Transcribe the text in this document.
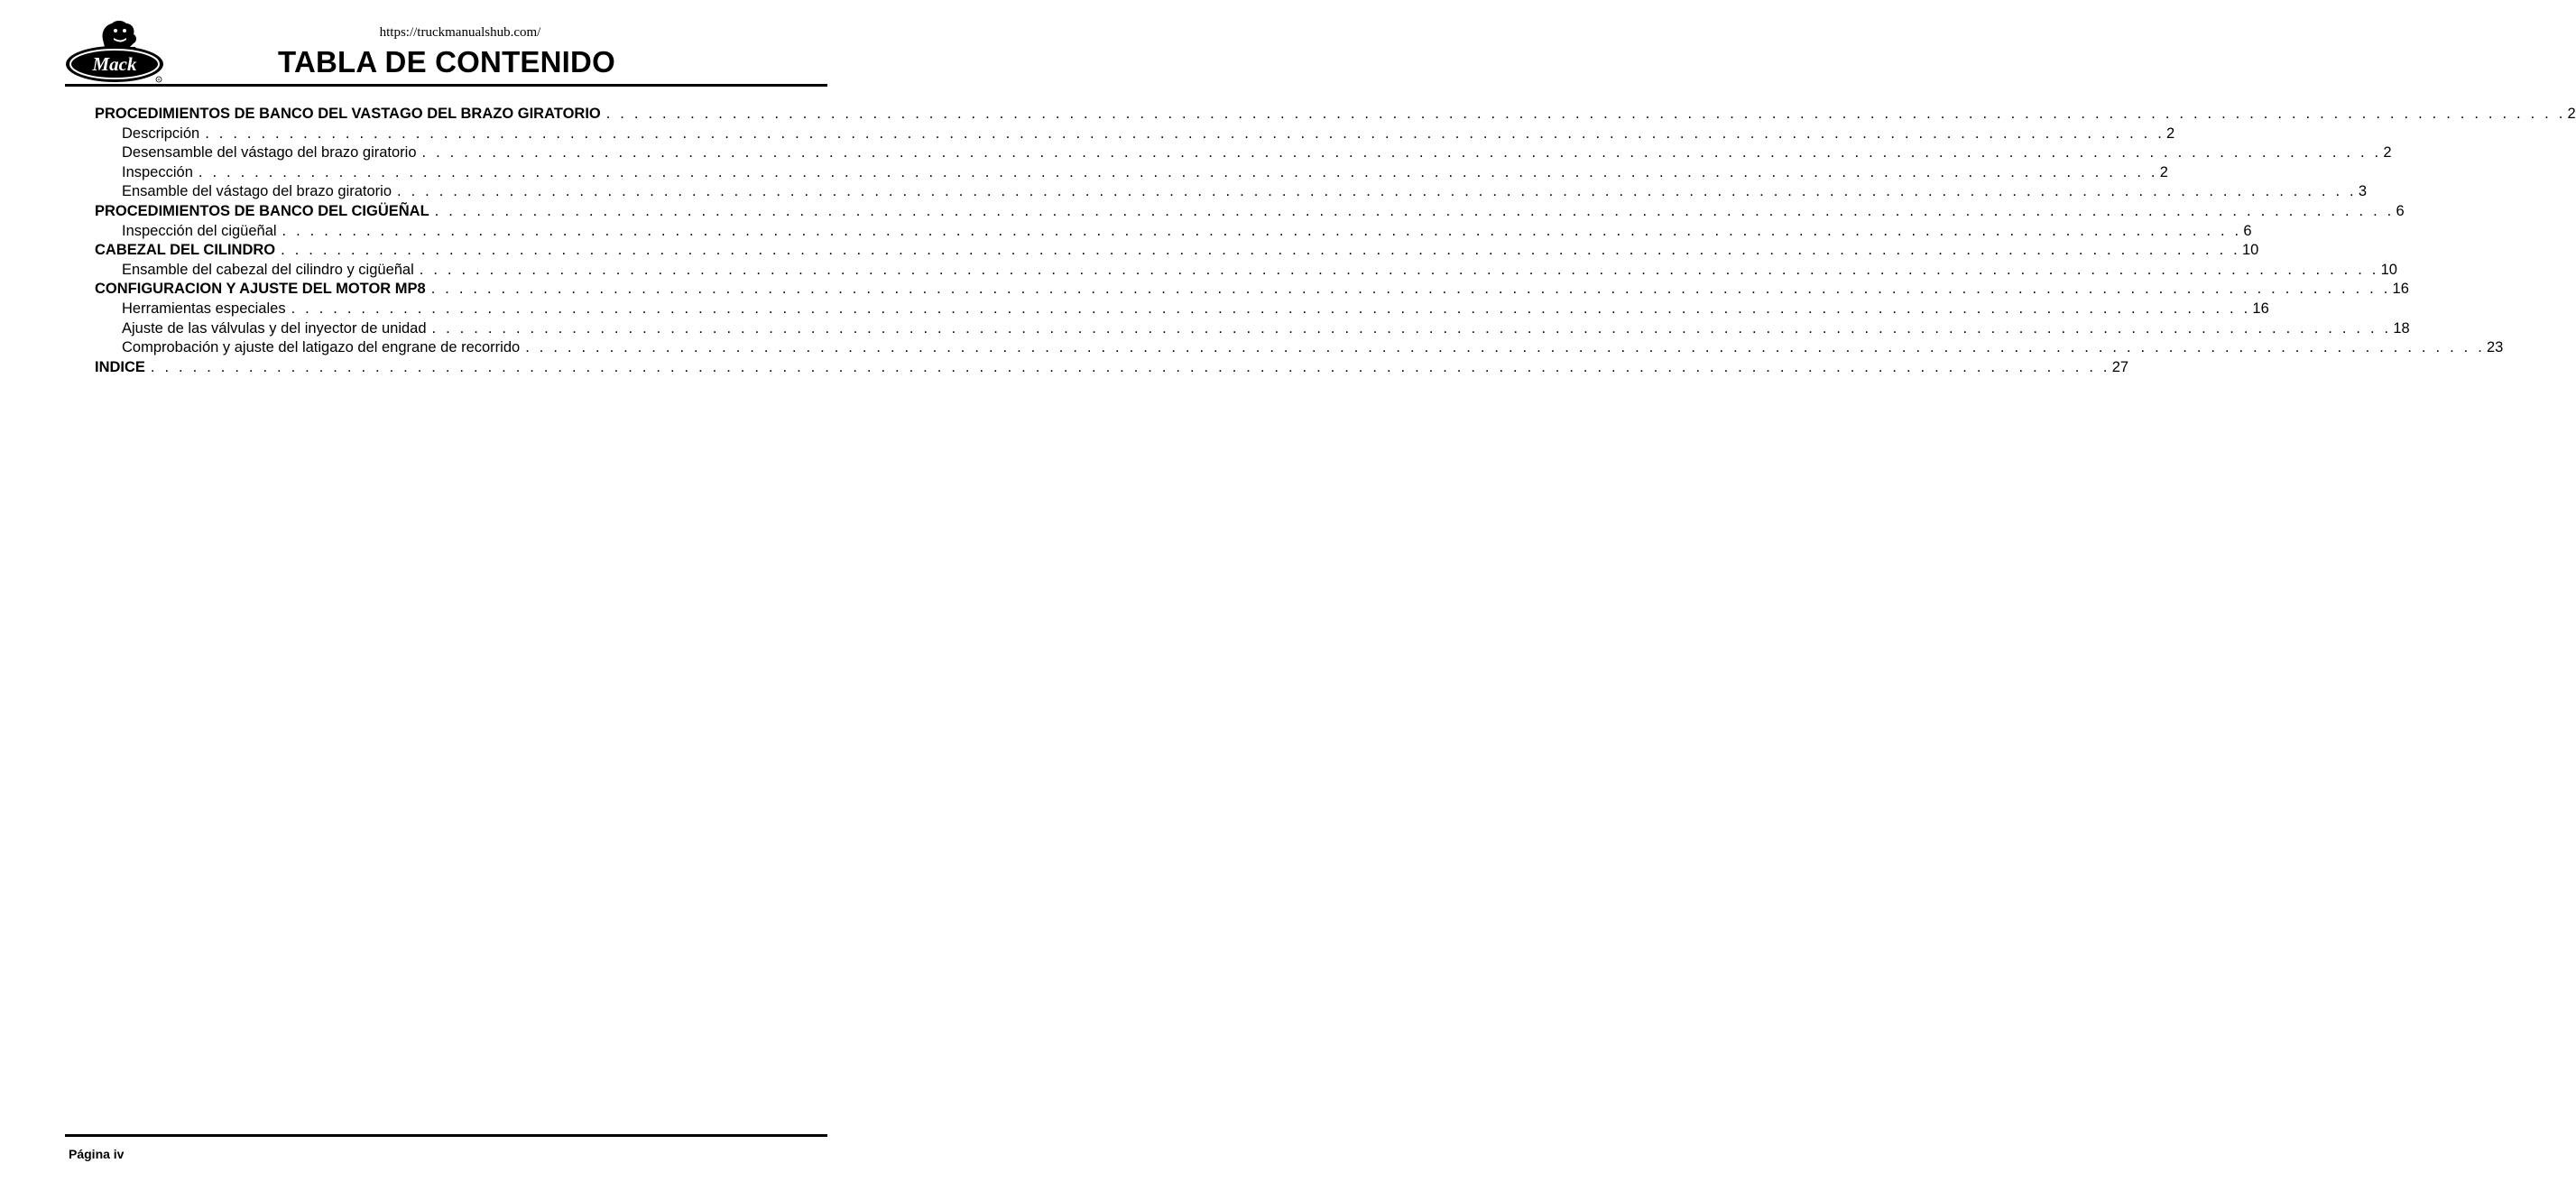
https://truckmanualshub.com/
Mack
R
TABLA DE CONTENIDO
PROCEDIMIENTOS DE BANCO DEL VASTAGO DEL BRAZO GIRATORIO . . . . . . . . . . . . . . . . . . . . . . . . . . . . . . . . . . . . . . . . . . . . . . . . . . . . . . . . . . . . . . . . . . . . . . . . . . . . . . . . . . . . . . . . . . . . . . . . . . . . . . . . . . . . . . . . . . . . . . . . . . . . . . . . . . . . . . . . . . . . 2
Descripción . . . . . . . . . . . . . . . . . . . . . . . . . . . . . . . . . . . . . . . . . . . . . . . . . . . . . . . . . . . . . . . . . . . . . . . . . . . . . . . . . . . . . . . . . . . . . . . . . . . . . . . . . . . . . . . . . . . . . . . . . . . . . . . . . . . . . . . . . . . . 2
Desensamble del vástago del brazo giratorio . . . . . . . . . . . . . . . . . . . . . . . . . . . . . . . . . . . . . . . . . . . . . . . . . . . . . . . . . . . . . . . . . . . . . . . . . . . . . . . . . . . . . . . . . . . . . . . . . . . . . . . . . . . . . . . . . . . . . . . . . . . . . . . . . . . . . . . . . . . . 2
Inspección . . . . . . . . . . . . . . . . . . . . . . . . . . . . . . . . . . . . . . . . . . . . . . . . . . . . . . . . . . . . . . . . . . . . . . . . . . . . . . . . . . . . . . . . . . . . . . . . . . . . . . . . . . . . . . . . . . . . . . . . . . . . . . . . . . . . . . . . . . . . 2
Ensamble del vástago del brazo giratorio . . . . . . . . . . . . . . . . . . . . . . . . . . . . . . . . . . . . . . . . . . . . . . . . . . . . . . . . . . . . . . . . . . . . . . . . . . . . . . . . . . . . . . . . . . . . . . . . . . . . . . . . . . . . . . . . . . . . . . . . . . . . . . . . . . . . . . . . . . . . 3
PROCEDIMIENTOS DE BANCO DEL CIGÜEÑAL . . . . . . . . . . . . . . . . . . . . . . . . . . . . . . . . . . . . . . . . . . . . . . . . . . . . . . . . . . . . . . . . . . . . . . . . . . . . . . . . . . . . . . . . . . . . . . . . . . . . . . . . . . . . . . . . . . . . . . . . . . . . . . . . . . . . . . . . . . . . 6
Inspección del cigüeñal . . . . . . . . . . . . . . . . . . . . . . . . . . . . . . . . . . . . . . . . . . . . . . . . . . . . . . . . . . . . . . . . . . . . . . . . . . . . . . . . . . . . . . . . . . . . . . . . . . . . . . . . . . . . . . . . . . . . . . . . . . . . . . . . . . . . . . . . . . . . 6
CABEZAL DEL CILINDRO . . . . . . . . . . . . . . . . . . . . . . . . . . . . . . . . . . . . . . . . . . . . . . . . . . . . . . . . . . . . . . . . . . . . . . . . . . . . . . . . . . . . . . . . . . . . . . . . . . . . . . . . . . . . . . . . . . . . . . . . . . . . . . . . . . . . . . . . . . . . 10
Ensamble del cabezal del cilindro y cigüeñal . . . . . . . . . . . . . . . . . . . . . . . . . . . . . . . . . . . . . . . . . . . . . . . . . . . . . . . . . . . . . . . . . . . . . . . . . . . . . . . . . . . . . . . . . . . . . . . . . . . . . . . . . . . . . . . . . . . . . . . . . . . . . . . . . . . . . . . . . . . . 10
CONFIGURACION Y AJUSTE DEL MOTOR MP8 . . . . . . . . . . . . . . . . . . . . . . . . . . . . . . . . . . . . . . . . . . . . . . . . . . . . . . . . . . . . . . . . . . . . . . . . . . . . . . . . . . . . . . . . . . . . . . . . . . . . . . . . . . . . . . . . . . . . . . . . . . . . . . . . . . . . . . . . . . . . 16
Herramientas especiales . . . . . . . . . . . . . . . . . . . . . . . . . . . . . . . . . . . . . . . . . . . . . . . . . . . . . . . . . . . . . . . . . . . . . . . . . . . . . . . . . . . . . . . . . . . . . . . . . . . . . . . . . . . . . . . . . . . . . . . . . . . . . . . . . . . . . . . . . . . . 16
Ajuste de las válvulas y del inyector de unidad . . . . . . . . . . . . . . . . . . . . . . . . . . . . . . . . . . . . . . . . . . . . . . . . . . . . . . . . . . . . . . . . . . . . . . . . . . . . . . . . . . . . . . . . . . . . . . . . . . . . . . . . . . . . . . . . . . . . . . . . . . . . . . . . . . . . . . . . . . . . 18
Comprobación y ajuste del latigazo del engrane de recorrido . . . . . . . . . . . . . . . . . . . . . . . . . . . . . . . . . . . . . . . . . . . . . . . . . . . . . . . . . . . . . . . . . . . . . . . . . . . . . . . . . . . . . . . . . . . . . . . . . . . . . . . . . . . . . . . . . . . . . . . . . . . . . . . . . . . . . . . . . . . . 23
INDICE . . . . . . . . . . . . . . . . . . . . . . . . . . . . . . . . . . . . . . . . . . . . . . . . . . . . . . . . . . . . . . . . . . . . . . . . . . . . . . . . . . . . . . . . . . . . . . . . . . . . . . . . . . . . . . . . . . . . . . . . . . . . . . . . . . . . . . . . . . . . 27
Página iv
